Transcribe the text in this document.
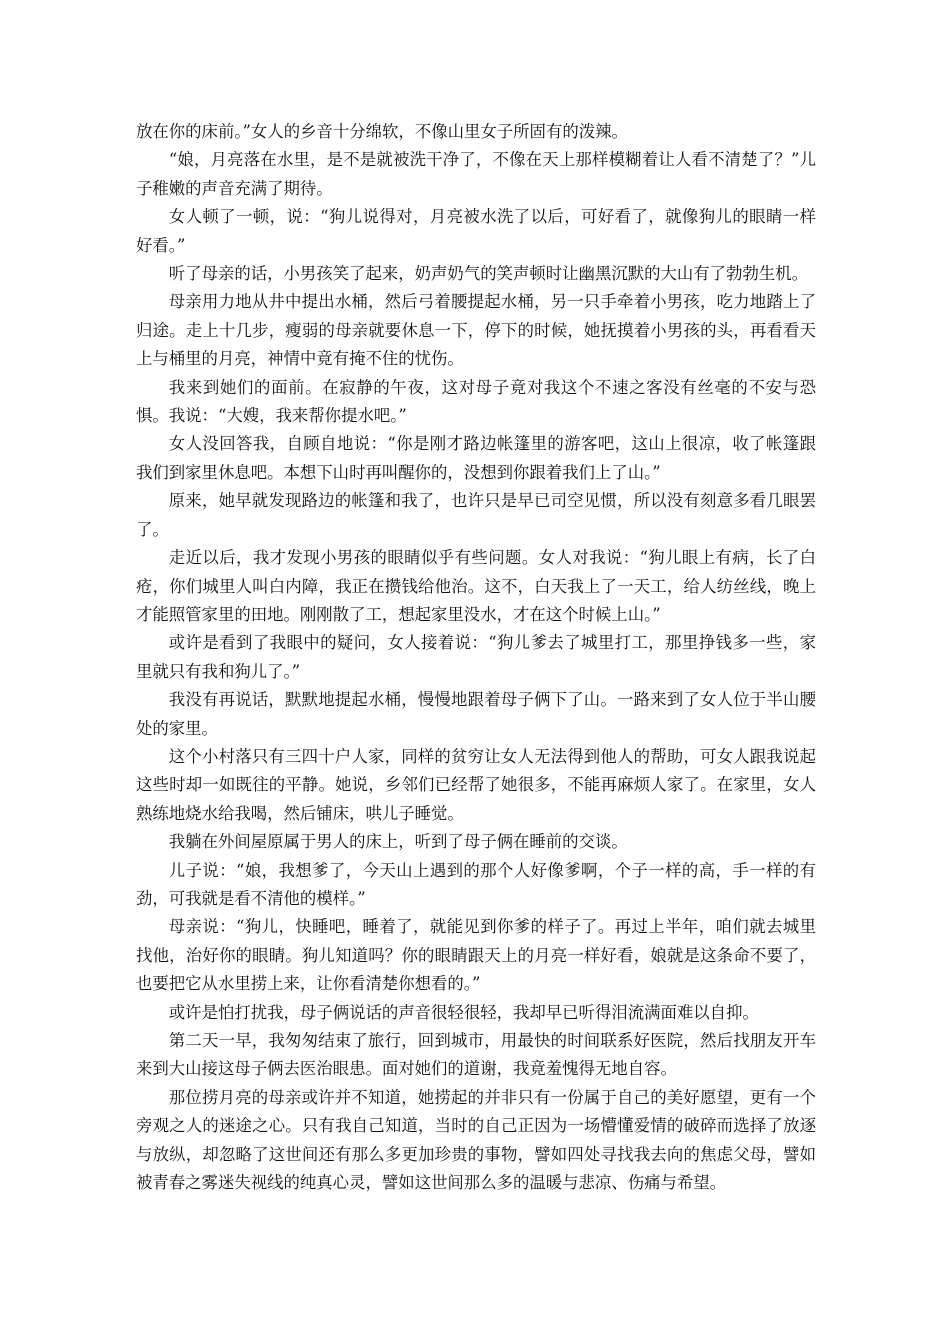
放在你的床前。”女人的乡音十分绵软，不像山里女子所固有的泼辣。

“娘，月亮落在水里，是不是就被洗干净了，不像在天上那样模糊着让人看不清楚了？”儿子稚嫩的声音充满了期待。

女人顿了一顿，说：“狗儿说得对，月亮被水洗了以后，可好看了，就像狗儿的眼睛一样好看。”

听了母亲的话，小男孩笑了起来，奶声奶气的笑声顿时让幽黑沉默的大山有了勃勃生机。

母亲用力地从井中提出水桶，然后弓着腰提起水桶，另一只手牵着小男孩，吃力地踏上了归途。走上十几步，瘦弱的母亲就要休息一下，停下的时候，她抚摸着小男孩的头，再看看天上与桶里的月亮，神情中竟有掩不住的忧伤。

我来到她们的面前。在寂静的午夜，这对母子竟对我这个不速之客没有丝毫的不安与恐惧。我说：“大嫂，我来帮你提水吧。”

女人没回答我，自顾自地说：“你是刚才路边帐篷里的游客吧，这山上很凉，收了帐篷跟我们到家里休息吧。本想下山时再叫醒你的，没想到你跟着我们上了山。”

原来，她早就发现路边的帐篷和我了，也许只是早已司空见惯，所以没有刻意多看几眼罢了。

走近以后，我才发现小男孩的眼睛似乎有些问题。女人对我说：“狗儿眼上有病，长了白疮，你们城里人叫白内障，我正在攒钱给他治。这不，白天我上了一天工，给人纺丝线，晚上才能照管家里的田地。刚刚散了工，想起家里没水，才在这个时候上山。”

或许是看到了我眼中的疑问，女人接着说：“狗儿爹去了城里打工，那里挣钱多一些，家里就只有我和狗儿了。”

我没有再说话，默默地提起水桶，慢慢地跟着母子俩下了山。一路来到了女人位于半山腰处的家里。

这个小村落只有三四十户人家，同样的贫穷让女人无法得到他人的帮助，可女人跟我说起这些时却一如既往的平静。她说，乡邻们已经帮了她很多，不能再麻烦人家了。在家里，女人熟练地烧水给我喝，然后铺床，哄儿子睡觉。

我躺在外间屋原属于男人的床上，听到了母子俩在睡前的交谈。

儿子说：“娘，我想爹了，今天山上遇到的那个人好像爹啊，个子一样的高，手一样的有劲，可我就是看不清他的模样。”

母亲说：“狗儿，快睡吧，睡着了，就能见到你爹的样子了。再过上半年，咱们就去城里找他，治好你的眼睛。狗儿知道吗？你的眼睛跟天上的月亮一样好看，娘就是这条命不要了，也要把它从水里捞上来，让你看清楚你想看的。”

或许是怕打扰我，母子俩说话的声音很轻很轻，我却早已听得泪流满面难以自抑。

第二天一早，我匆匆结束了旅行，回到城市，用最快的时间联系好医院，然后找朋友开车来到大山接这母子俩去医治眼患。面对她们的道谢，我竟羞愧得无地自容。

那位捞月亮的母亲或许并不知道，她捞起的并非只有一份属于自己的美好愿望，更有一个旁观之人的迷途之心。只有我自己知道，当时的自己正因为一场懵懂爱情的破碎而选择了放逐与放纵，却忽略了这世间还有那么多更加珍贵的事物，譬如四处寻找我去向的焦虑父母，譬如被青春之雾迷失视线的纯真心灵，譬如这世间那么多的温暖与悲凉、伤痛与希望。
